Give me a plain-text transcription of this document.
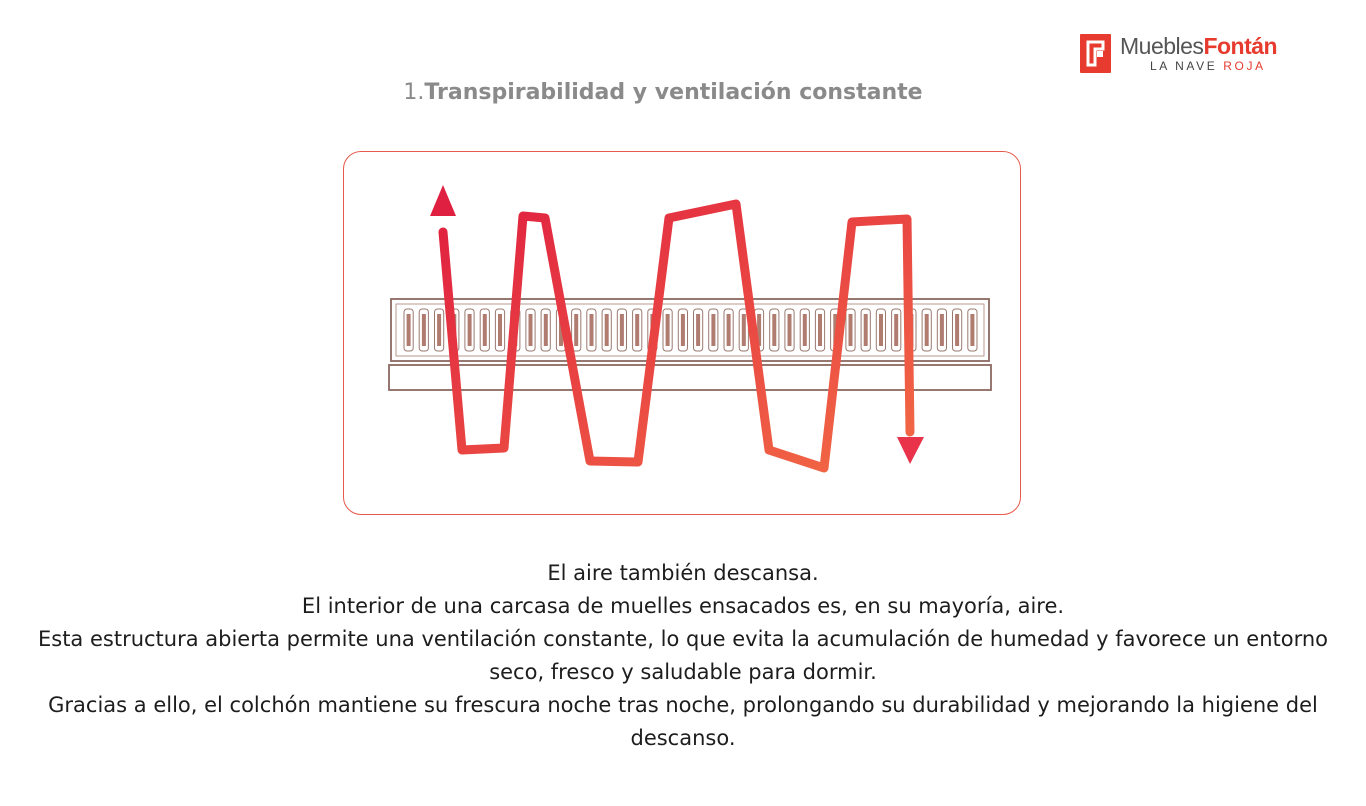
MueblesFontán
LA NAVE ROJA
1.Transpirabilidad y ventilación constante
El aire también descansa.
El interior de una carcasa de muelles ensacados es, en su mayoría, aire.
Esta estructura abierta permite una ventilación constante, lo que evita la acumulación de humedad y favorece un entorno seco, fresco y saludable para dormir.
Gracias a ello, el colchón mantiene su frescura noche tras noche, prolongando su durabilidad y mejorando la higiene del descanso.
